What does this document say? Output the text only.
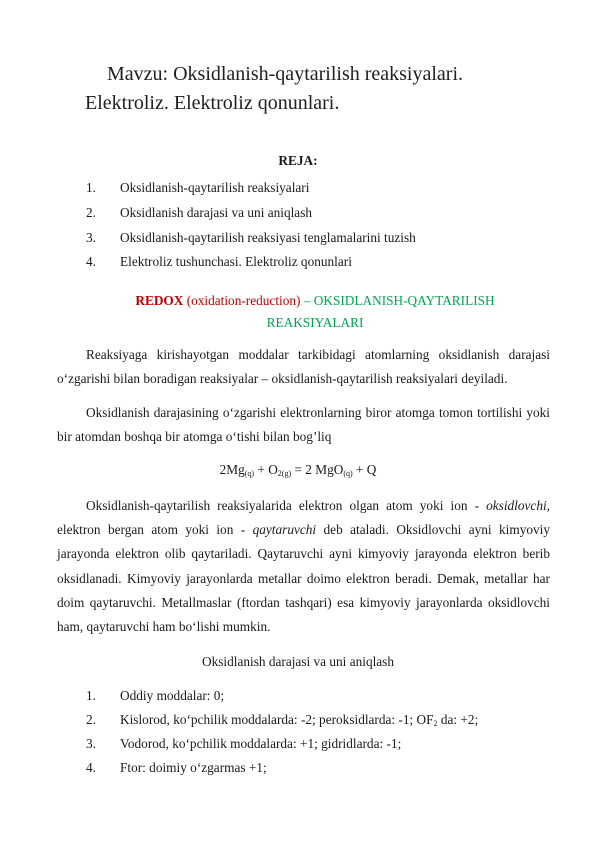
Mavzu: Oksidlanish-qaytarilish reaksiyalari.
Elektroliz. Elektroliz qonunlari.
REJA:
1. Oksidlanish-qaytarilish reaksiyalari
2. Oksidlanish darajasi va uni aniqlash
3. Oksidlanish-qaytarilish reaksiyasi tenglamalarini tuzish
4. Elektroliz tushunchasi. Elektroliz qonunlari
REDOX (oxidation-reduction) – OKSIDLANISH-QAYTARILISH
REAKSIYALARI

Reaksiyaga kirishayotgan moddalar tarkibidagi atomlarning oksidlanish darajasi o‘zgarishi bilan boradigan reaksiyalar – oksidlanish-qaytarilish reaksiyalari deyiladi.

Oksidlanish darajasining o‘zgarishi elektronlarning biror atomga tomon tortilishi yoki bir atomdan boshqa bir atomga o‘tishi bilan bog’liq

$2Mg_{(q)} + O_{2(g)} = 2$ MgO$_{(q)}$ + Q

Oksidlanish-qaytarilish reaksiyalarida elektron olgan atom yoki ion - oksidlovchi, elektron bergan atom yoki ion - qaytaruvchi deb ataladi. Oksidlovchi ayni kimyoviy jarayonda elektron olib qaytariladi. Qaytaruvchi ayni kimyoviy jarayonda elektron berib oksidlanadi. Kimyoviy jarayonlarda metallar doimo elektron beradi. Demak, metallar har doim qaytaruvchi. Metallmaslar (ftordan tashqari) esa kimyoviy jarayonlarda oksidlovchi ham, qaytaruvchi ham bo‘lishi mumkin.

Oksidlanish darajasi va uni aniqlash
1. Oddiy moddalar: 0;
2. Kislorod, ko‘pchilik moddalarda: -2; peroksidlarda: -1; $OF_2$ da: +2;
3. Vodorod, ko‘pchilik moddalarda: +1; gidridlarda: -1;
4. Ftor: doimiy o‘zgarmas +1;
